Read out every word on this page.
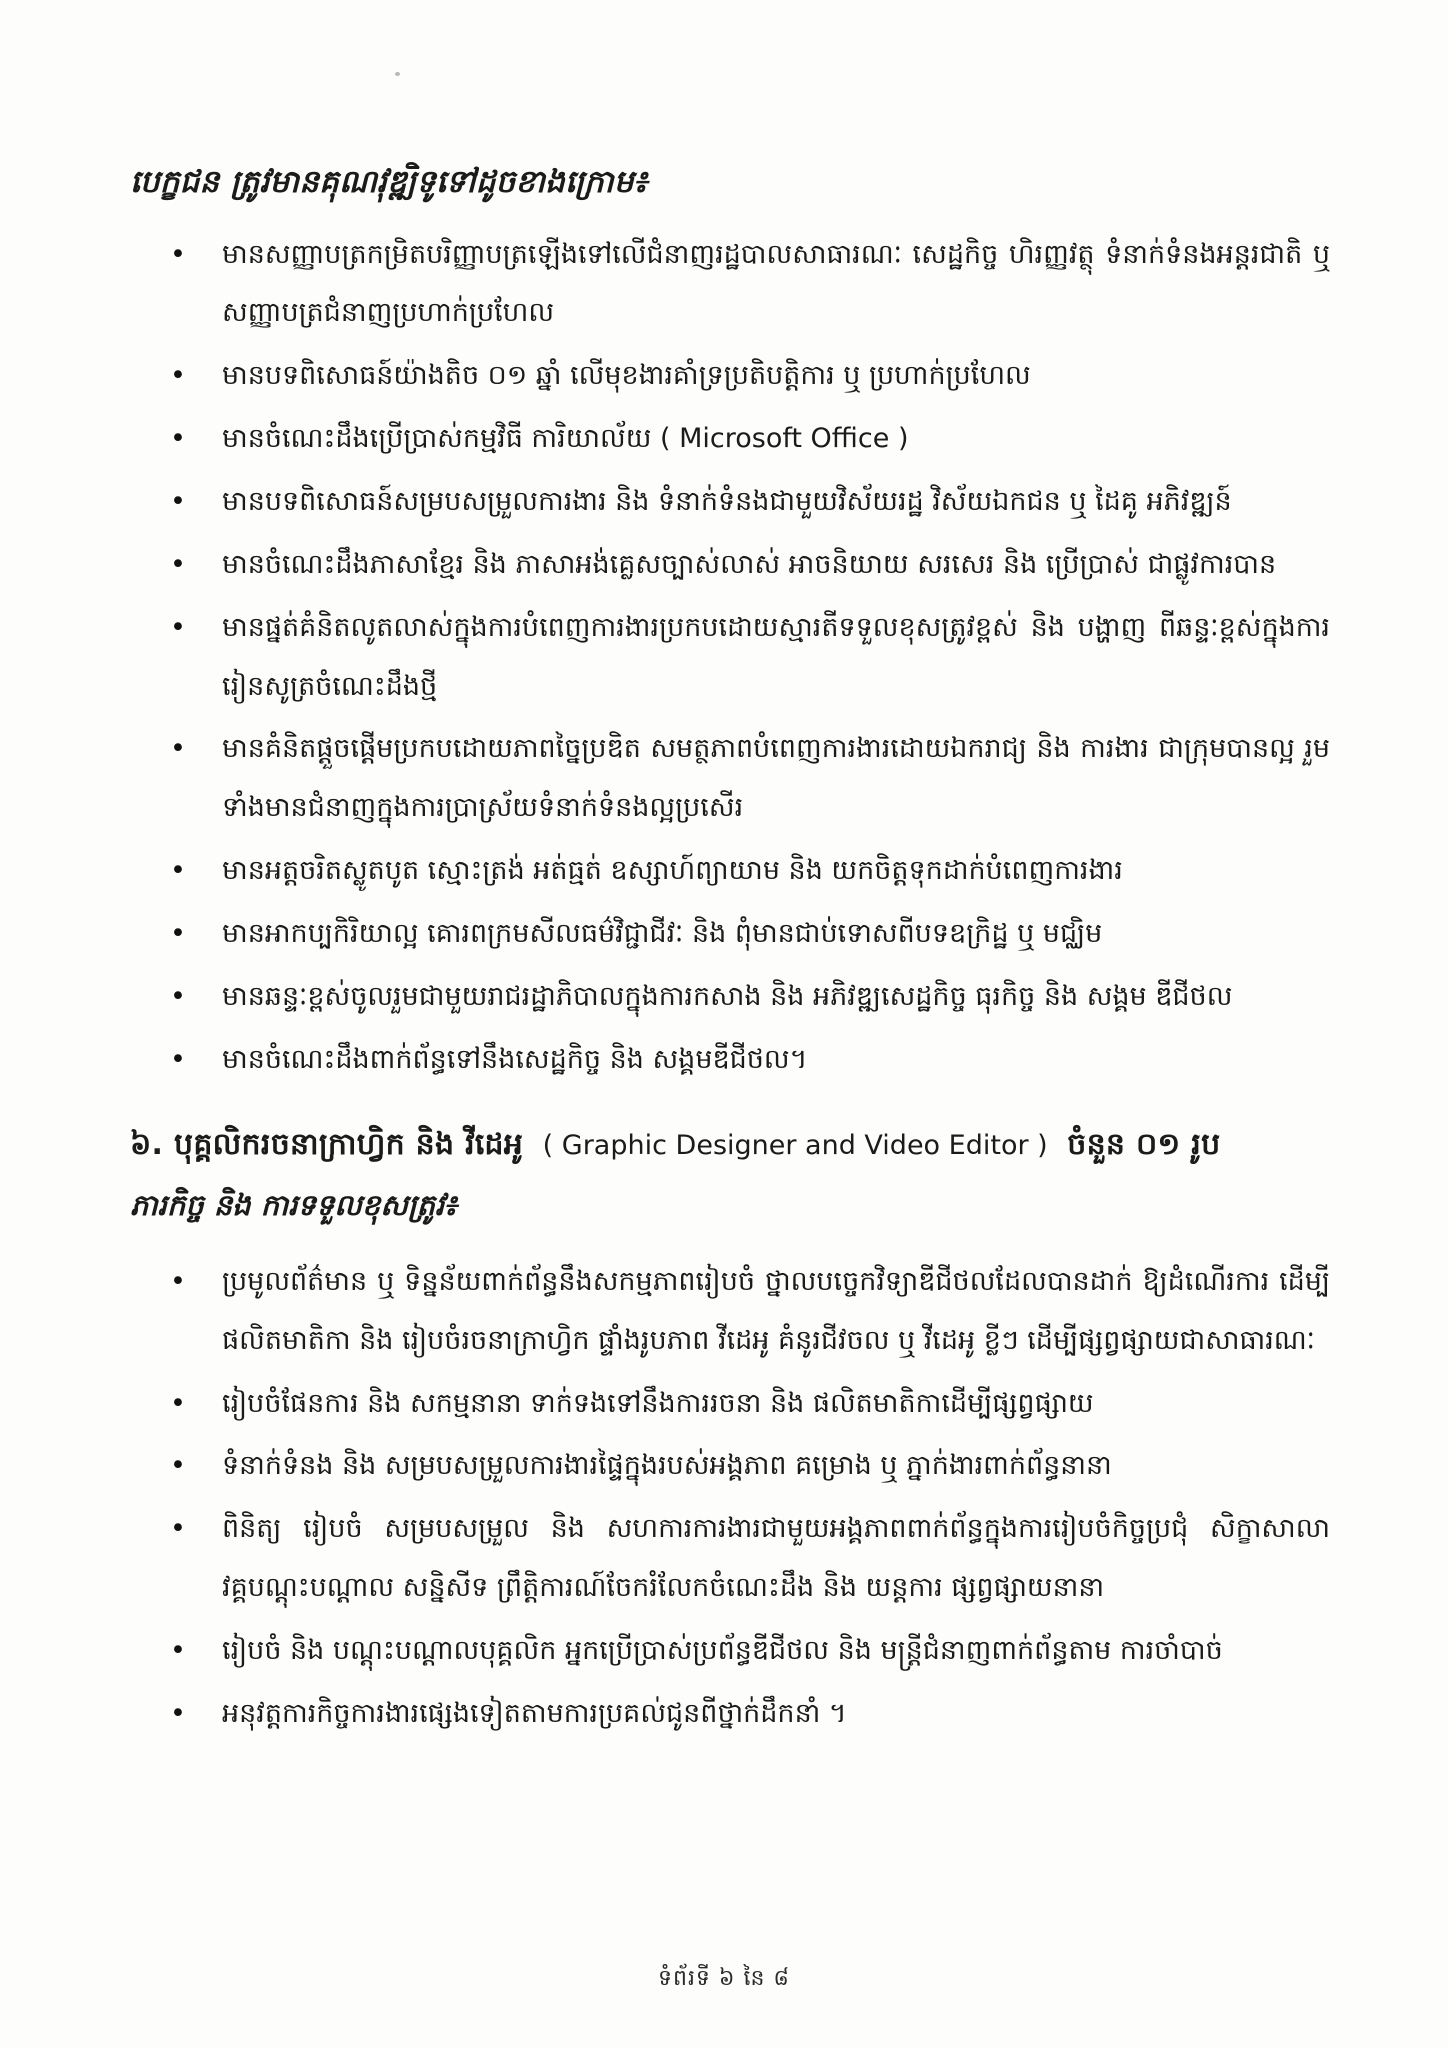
បេក្ខជន ត្រូវមានគុណវុឌ្ឍិទូទៅដូចខាងក្រោម៖

• មានសញ្ញាបត្រកម្រិតបរិញ្ញាបត្រឡើងទៅលើជំនាញរដ្ឋបាលសាធារណៈ សេដ្ឋកិច្ច ហិរញ្ញវត្ថុ ទំនាក់ទំនងអន្តរជាតិ ឬ សញ្ញាបត្រជំនាញប្រហាក់ប្រហែល
• មានបទពិសោធន៍យ៉ាងតិច ០១ ឆ្នាំ លើមុខងារគាំទ្រប្រតិបត្តិការ ឬ ប្រហាក់ប្រហែល
• មានចំណេះដឹងប្រើប្រាស់កម្មវិធី ការិយាល័យ ( Microsoft Office )
• មានបទពិសោធន៍សម្របសម្រួលការងារ និង ទំនាក់ទំនងជាមួយវិស័យរដ្ឋ វិស័យឯកជន ឬ ដៃគូ អភិវឌ្ឍន៍
• មានចំណេះដឹងភាសាខ្មែរ និង ភាសាអង់គ្លេសច្បាស់លាស់ អាចនិយាយ សរសេរ និង ប្រើប្រាស់ ជាផ្លូវការបាន
• មានផ្នត់គំនិតលូតលាស់ក្នុងការបំពេញការងារប្រកបដោយស្មារតីទទួលខុសត្រូវខ្ពស់ និង បង្ហាញ ពីឆន្ទៈខ្ពស់ក្នុងការរៀនសូត្រចំណេះដឹងថ្មី
• មានគំនិតផ្តួចផ្តើមប្រកបដោយភាពច្នៃប្រឌិត សមត្ថភាពបំពេញការងារដោយឯករាជ្យ និង ការងារ ជាក្រុមបានល្អ រួមទាំងមានជំនាញក្នុងការប្រាស្រ័យទំនាក់ទំនងល្អប្រសើរ
• មានអត្តចរិតស្លូតបូត ស្មោះត្រង់ អត់ធ្មត់ ឧស្សាហ៍ព្យាយាម និង យកចិត្តទុកដាក់បំពេញការងារ
• មានអាកប្បកិរិយាល្អ គោរពក្រមសីលធម៌វិជ្ជាជីវៈ និង ពុំមានជាប់ទោសពីបទឧក្រិដ្ឋ ឬ មជ្ឈិម
• មានឆន្ទៈខ្ពស់ចូលរួមជាមួយរាជរដ្ឋាភិបាលក្នុងការកសាង និង អភិវឌ្ឍសេដ្ឋកិច្ច ធុរកិច្ច និង សង្គម ឌីជីថល
• មានចំណេះដឹងពាក់ព័ន្ធទៅនឹងសេដ្ឋកិច្ច និង សង្គមឌីជីថល។

៦. បុគ្គលិករចនាក្រាហ្វិក និង វីដេអូ ( Graphic Designer and Video Editor ) ចំនួន ០១ រូប

ភារកិច្ច និង ការទទួលខុសត្រូវ៖

• ប្រមូលព័ត៌មាន ឬ ទិន្នន័យពាក់ព័ន្ធនឹងសកម្មភាពរៀបចំ ថ្នាលបច្ចេកវិទ្យាឌីជីថលដែលបានដាក់ ឱ្យដំណើរការ ដើម្បីផលិតមាតិកា និង រៀបចំរចនាក្រាហ្វិក ផ្ទាំងរូបភាព វីដេអូ គំនូរជីវចល ឬ វីដេអូ ខ្លីៗ ដើម្បីផ្សព្វផ្សាយជាសាធារណៈ
• រៀបចំផែនការ និង សកម្មនានា ទាក់ទងទៅនឹងការរចនា និង ផលិតមាតិកាដើម្បីផ្សព្វផ្សាយ
• ទំនាក់ទំនង និង សម្របសម្រួលការងារផ្ទៃក្នុងរបស់អង្គភាព គម្រោង ឬ ភ្នាក់ងារពាក់ព័ន្ធនានា
• ពិនិត្យ រៀបចំ សម្របសម្រួល និង សហការការងារជាមួយអង្គភាពពាក់ព័ន្ធក្នុងការរៀបចំកិច្ចប្រជុំ សិក្ខាសាលា វគ្គបណ្តុះបណ្តាល សន្និសីទ ព្រឹត្តិការណ៍ចែករំលែកចំណេះដឹង និង យន្តការ ផ្សព្វផ្សាយនានា
• រៀបចំ និង បណ្តុះបណ្តាលបុគ្គលិក អ្នកប្រើប្រាស់ប្រព័ន្ធឌីជីថល និង មន្ត្រីជំនាញពាក់ព័ន្ធតាម ការចាំបាច់
• អនុវត្តការកិច្ចការងារផ្សេងទៀតតាមការប្រគល់ជូនពីថ្នាក់ដឹកនាំ ។
ទំព័រទី ៦ នៃ ៨
